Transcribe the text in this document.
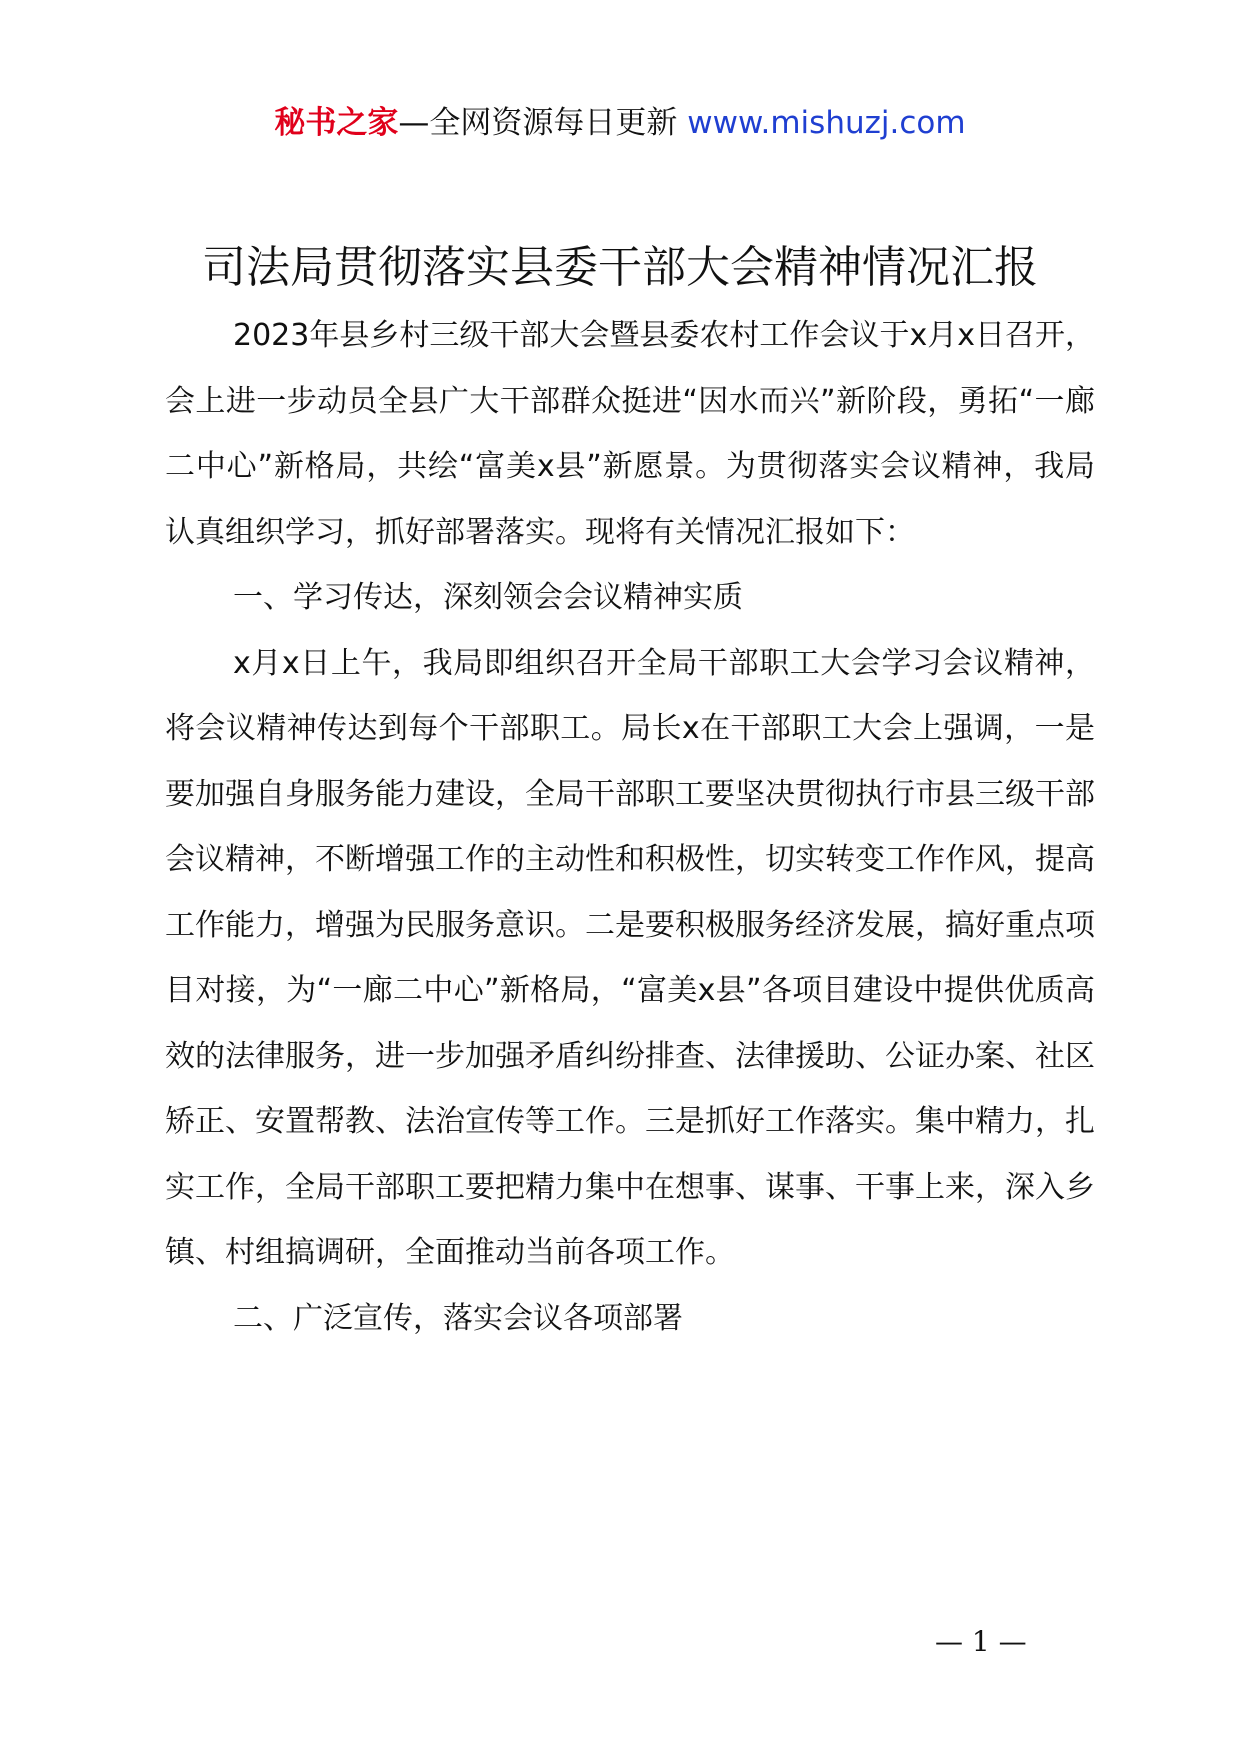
秘书之家—全网资源每日更新 www.mishuzj.com
司法局贯彻落实县委干部大会精神情况汇报

2023年县乡村三级干部大会暨县委农村工作会议于x月x日召开，会上进一步动员全县广大干部群众挺进“因水而兴”新阶段，勇拓“一廊二中心”新格局，共绘“富美x县”新愿景。为贯彻落实会议精神，我局认真组织学习，抓好部署落实。现将有关情况汇报如下：

一、学习传达，深刻领会会议精神实质

x月x日上午，我局即组织召开全局干部职工大会学习会议精神，将会议精神传达到每个干部职工。局长x在干部职工大会上强调，一是要加强自身服务能力建设，全局干部职工要坚决贯彻执行市县三级干部会议精神，不断增强工作的主动性和积极性，切实转变工作作风，提高工作能力，增强为民服务意识。二是要积极服务经济发展，搞好重点项目对接，为“一廊二中心”新格局，“富美x县”各项目建设中提供优质高效的法律服务，进一步加强矛盾纠纷排查、法律援助、公证办案、社区矫正、安置帮教、法治宣传等工作。三是抓好工作落实。集中精力，扎实工作，全局干部职工要把精力集中在想事、谋事、干事上来，深入乡镇、村组搞调研，全面推动当前各项工作。

二、广泛宣传，落实会议各项部署

— 1 —
